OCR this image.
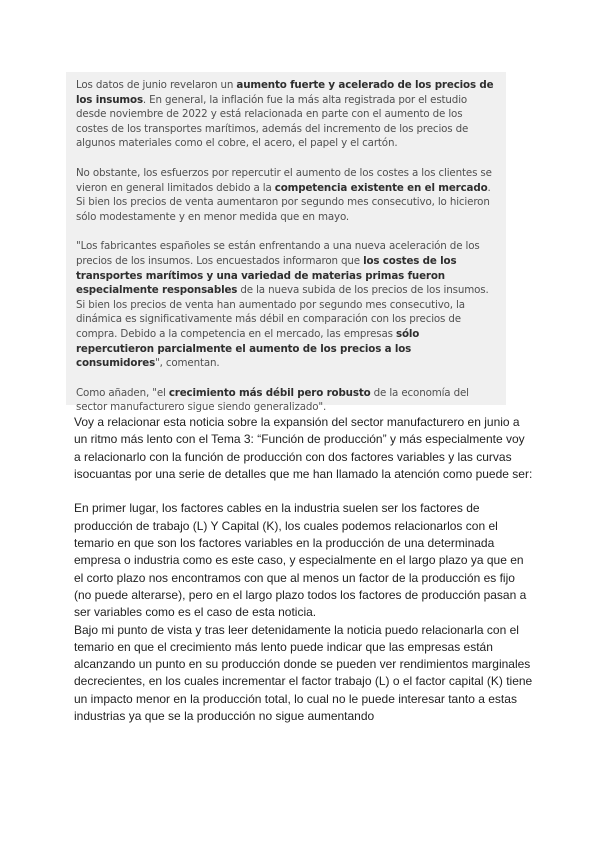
Los datos de junio revelaron un aumento fuerte y acelerado de los precios de los insumos. En general, la inflación fue la más alta registrada por el estudio desde noviembre de 2022 y está relacionada en parte con el aumento de los costes de los transportes marítimos, además del incremento de los precios de algunos materiales como el cobre, el acero, el papel y el cartón.

No obstante, los esfuerzos por repercutir el aumento de los costes a los clientes se vieron en general limitados debido a la competencia existente en el mercado. Si bien los precios de venta aumentaron por segundo mes consecutivo, lo hicieron sólo modestamente y en menor medida que en mayo.

"Los fabricantes españoles se están enfrentando a una nueva aceleración de los precios de los insumos. Los encuestados informaron que los costes de los transportes marítimos y una variedad de materias primas fueron especialmente responsables de la nueva subida de los precios de los insumos. Si bien los precios de venta han aumentado por segundo mes consecutivo, la dinámica es significativamente más débil en comparación con los precios de compra. Debido a la competencia en el mercado, las empresas sólo repercutieron parcialmente el aumento de los precios a los consumidores", comentan.

Como añaden, "el crecimiento más débil pero robusto de la economía del sector manufacturero sigue siendo generalizado".

Voy a relacionar esta noticia sobre la expansión del sector manufacturero en junio a un ritmo más lento con el Tema 3: “Función de producción” y más especialmente voy a relacionarlo con la función de producción con dos factores variables y las curvas isocuantas por una serie de detalles que me han llamado la atención como puede ser:

En primer lugar, los factores cables en la industria suelen ser los factores de producción de trabajo (L) Y Capital (K), los cuales podemos relacionarlos con el temario en que son los factores variables en la producción de una determinada empresa o industria como es este caso, y especialmente en el largo plazo ya que en el corto plazo nos encontramos con que al menos un factor de la producción es fijo (no puede alterarse), pero en el largo plazo todos los factores de producción pasan a ser variables como es el caso de esta noticia.

Bajo mi punto de vista y tras leer detenidamente la noticia puedo relacionarla con el temario en que el crecimiento más lento puede indicar que las empresas están alcanzando un punto en su producción donde se pueden ver rendimientos marginales decrecientes, en los cuales incrementar el factor trabajo (L) o el factor capital (K) tiene un impacto menor en la producción total, lo cual no le puede interesar tanto a estas industrias ya que se la producción no sigue aumentando
